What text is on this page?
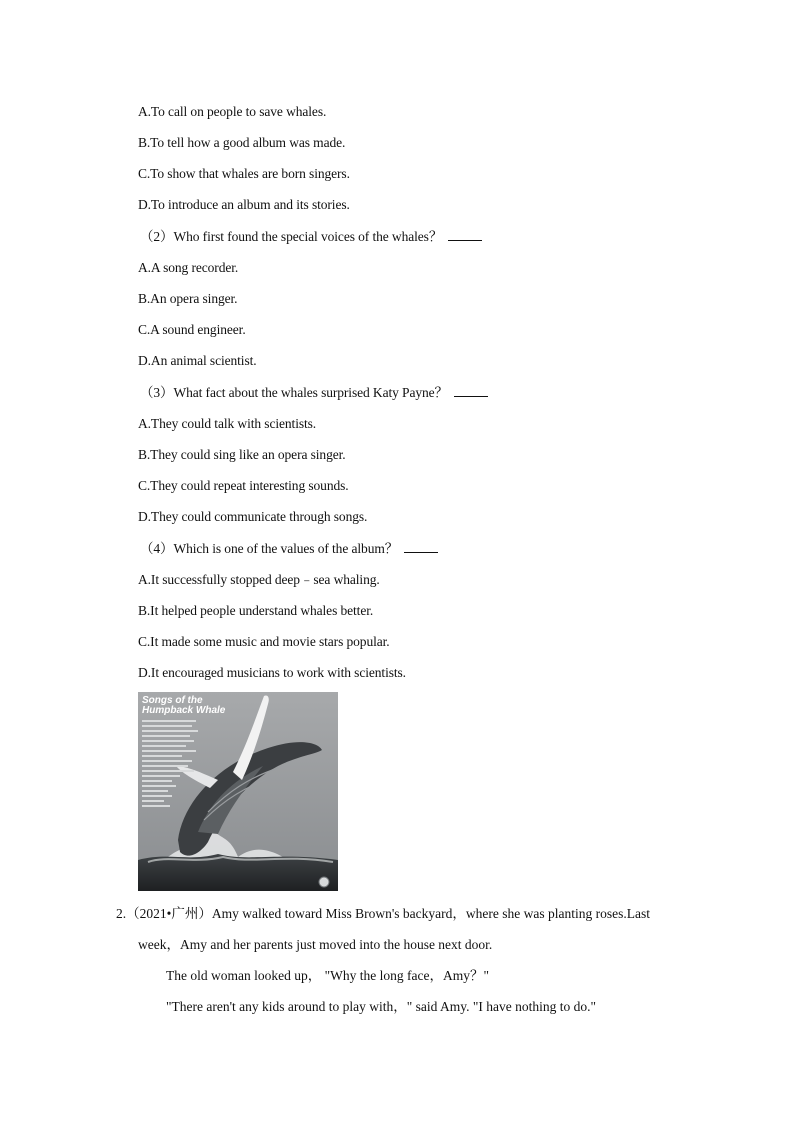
A.To call on people to save whales.
B.To tell how a good album was made.
C.To show that whales are born singers.
D.To introduce an album and its stories.
（2）Who first found the special voices of the whales？
A.A song recorder.
B.An opera singer.
C.A sound engineer.
D.An animal scientist.
（3）What fact about the whales surprised Katy Payne？
A.They could talk with scientists.
B.They could sing like an opera singer.
C.They could repeat interesting sounds.
D.They could communicate through songs.
（4）Which is one of the values of the album？
A.It successfully stopped deep﹣sea whaling.
B.It helped people understand whales better.
C.It made some music and movie stars popular.
D.It encouraged musicians to work with scientists.
Songs of the
Humpback Whale
2.（2021•广州）Amy walked toward Miss Brown's backyard，where she was planting roses.Last
week，Amy and her parents just moved into the house next door.
The old woman looked up， "Why the long face，Amy？"
"There aren't any kids around to play with，" said Amy. "I have nothing to do."
